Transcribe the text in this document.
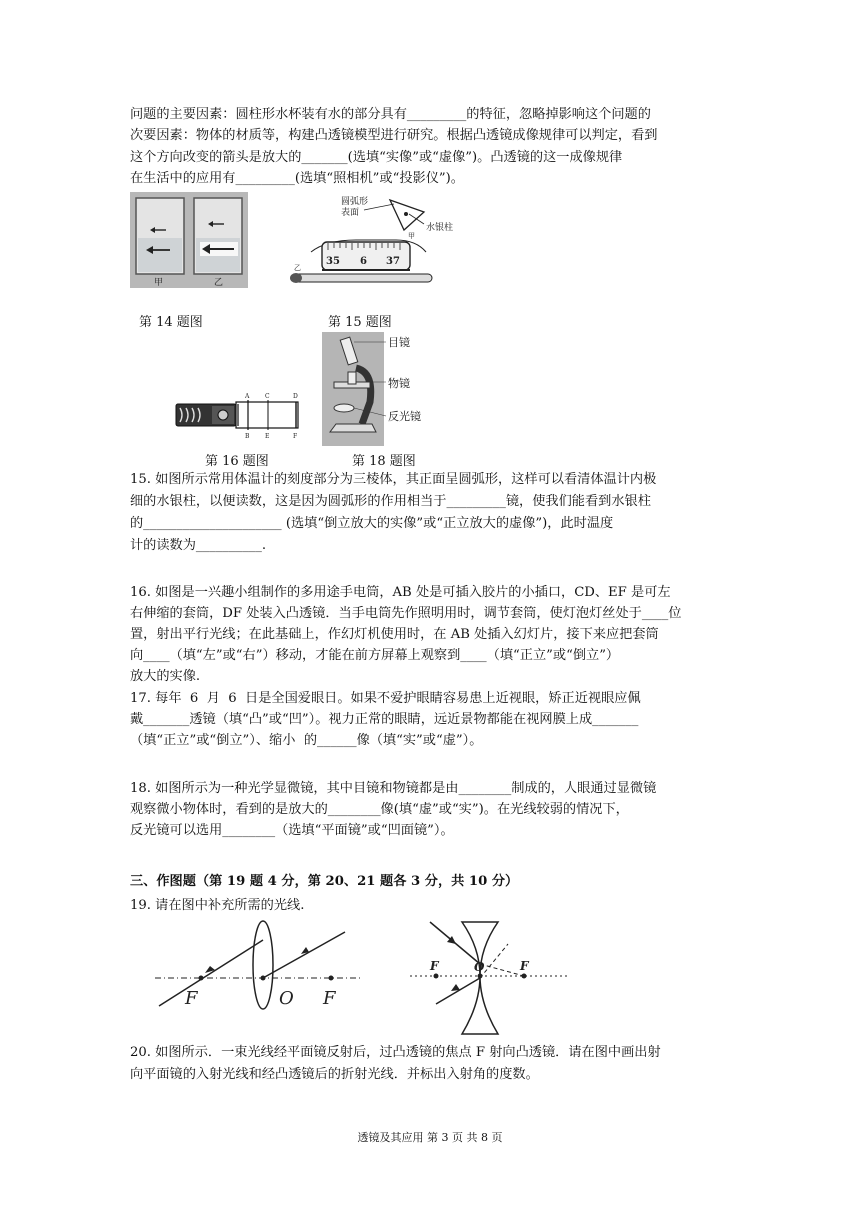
问题的主要因素：圆柱形水杯装有水的部分具有_________的特征，忽略掉影响这个问题的
次要因素：物体的材质等，构建凸透镜模型进行研究。根据凸透镜成像规律可以判定，看到
这个方向改变的箭头是放大的_______(选填“实像”或“虚像”)。凸透镜的这一成像规律
在生活中的应用有_________(选填“照相机”或“投影仪”)。
甲	乙
圆弧形
表面
水银柱
甲
35 6 37
乙
第 14 题图	第 15 题图
A
B
C
E
D
F
目镜
物镜
反光镜
第 16 题图	第 18 题图
15. 如图所示常用体温计的刻度部分为三棱体，其正面呈圆弧形，这样可以看清体温计内极
细的水银柱，以便读数，这是因为圆弧形的作用相当于_________镜，使我们能看到水银柱
的_____________________ (选填“倒立放大的实像”或“正立放大的虚像”)，此时温度
计的读数为__________.
16. 如图是一兴趣小组制作的多用途手电筒，AB 处是可插入胶片的小插口，CD、EF 是可左
右伸缩的套筒，DF 处装入凸透镜．当手电筒先作照明用时，调节套筒，使灯泡灯丝处于____位
置，射出平行光线；在此基础上，作幻灯机使用时，在 AB 处插入幻灯片，接下来应把套筒
向____（填“左”或“右”）移动，才能在前方屏幕上观察到____（填“正立”或“倒立”）
放大的实像.
17. 每年  6  月  6  日是全国爱眼日。如果不爱护眼睛容易患上近视眼，矫正近视眼应佩
戴_______透镜（填“凸”或“凹”）。视力正常的眼睛，远近景物都能在视网膜上成_______
（填“正立”或“倒立”）、缩小  的______像（填“实”或“虚”）。
18. 如图所示为一种光学显微镜，其中目镜和物镜都是由________制成的，人眼通过显微镜
观察微小物体时，看到的是放大的________像(填“虚”或“实”)。在光线较弱的情况下，
反光镜可以选用________（选填“平面镜”或“凹面镜”）。
三、作图题（第 19 题 4 分，第 20、21 题各 3 分，共 10 分）
19. 请在图中补充所需的光线.
F	O F
F	O	F
20. 如图所示．一束光线经平面镜反射后，过凸透镜的焦点 F 射向凸透镜．请在图中画出射
向平面镜的入射光线和经凸透镜后的折射光线．并标出入射角的度数。
透镜及其应用 第 3 页 共 8 页
